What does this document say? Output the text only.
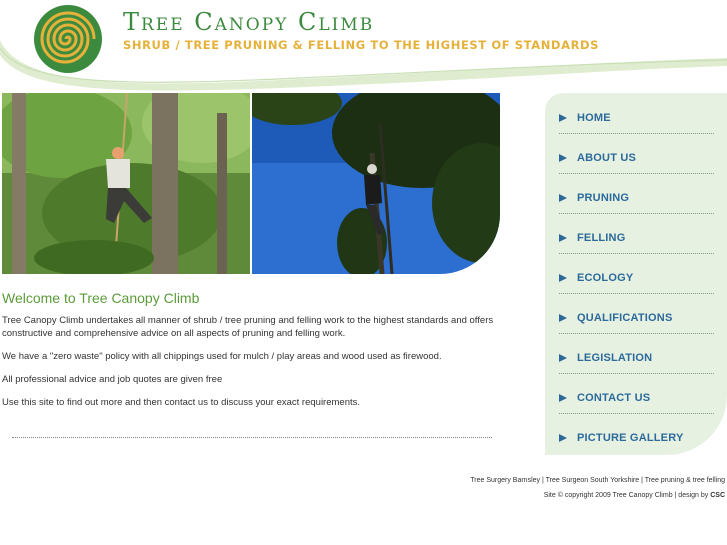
Tree Canopy Climb
SHRUB / TREE PRUNING & FELLING TO THE HIGHEST OF STANDARDS
Welcome to Tree Canopy Climb

Tree Canopy Climb undertakes all manner of shrub / tree pruning and felling work to the highest standards and offers constructive and comprehensive advice on all aspects of pruning and felling work.

We have a "zero waste" policy with all chippings used for mulch / play areas and wood used as firewood.

All professional advice and job quotes are given free

Use this site to find out more and then contact us to discuss your exact requirements.

HOME
ABOUT US
PRUNING
FELLING
ECOLOGY
QUALIFICATIONS
LEGISLATION
CONTACT US
PICTURE GALLERY
Tree Surgery Barnsley | Tree Surgeon South Yorkshire | Tree pruning & tree felling
Site © copyright 2009 Tree Canopy Climb | design by CSC
